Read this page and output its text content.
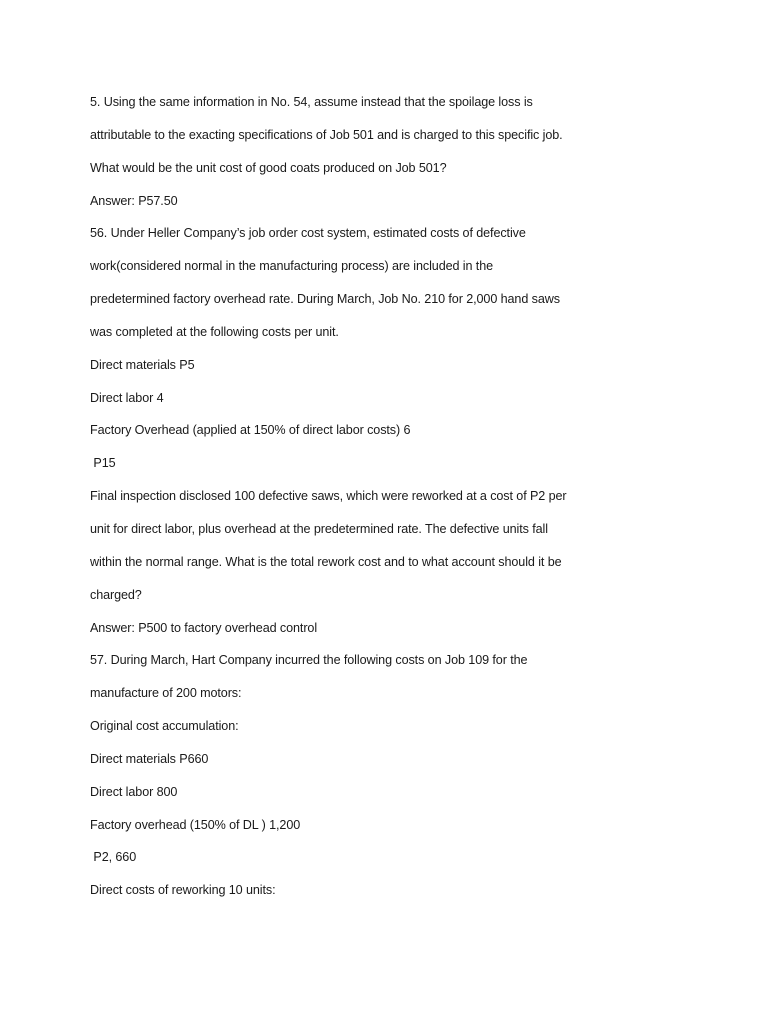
5. Using the same information in No. 54, assume instead that the spoilage loss is
attributable to the exacting specifications of Job 501 and is charged to this specific job.
What would be the unit cost of good coats produced on Job 501?
Answer: P57.50
56. Under Heller Company’s job order cost system, estimated costs of defective
work(considered normal in the manufacturing process) are included in the
predetermined factory overhead rate. During March, Job No. 210 for 2,000 hand saws
was completed at the following costs per unit.
Direct materials P5
Direct labor 4
Factory Overhead (applied at 150% of direct labor costs) 6
P15
Final inspection disclosed 100 defective saws, which were reworked at a cost of P2 per
unit for direct labor, plus overhead at the predetermined rate. The defective units fall
within the normal range. What is the total rework cost and to what account should it be
charged?
Answer: P500 to factory overhead control
57. During March, Hart Company incurred the following costs on Job 109 for the
manufacture of 200 motors:
Original cost accumulation:
Direct materials P660
Direct labor 800
Factory overhead (150% of DL ) 1,200
P2, 660
Direct costs of reworking 10 units:
